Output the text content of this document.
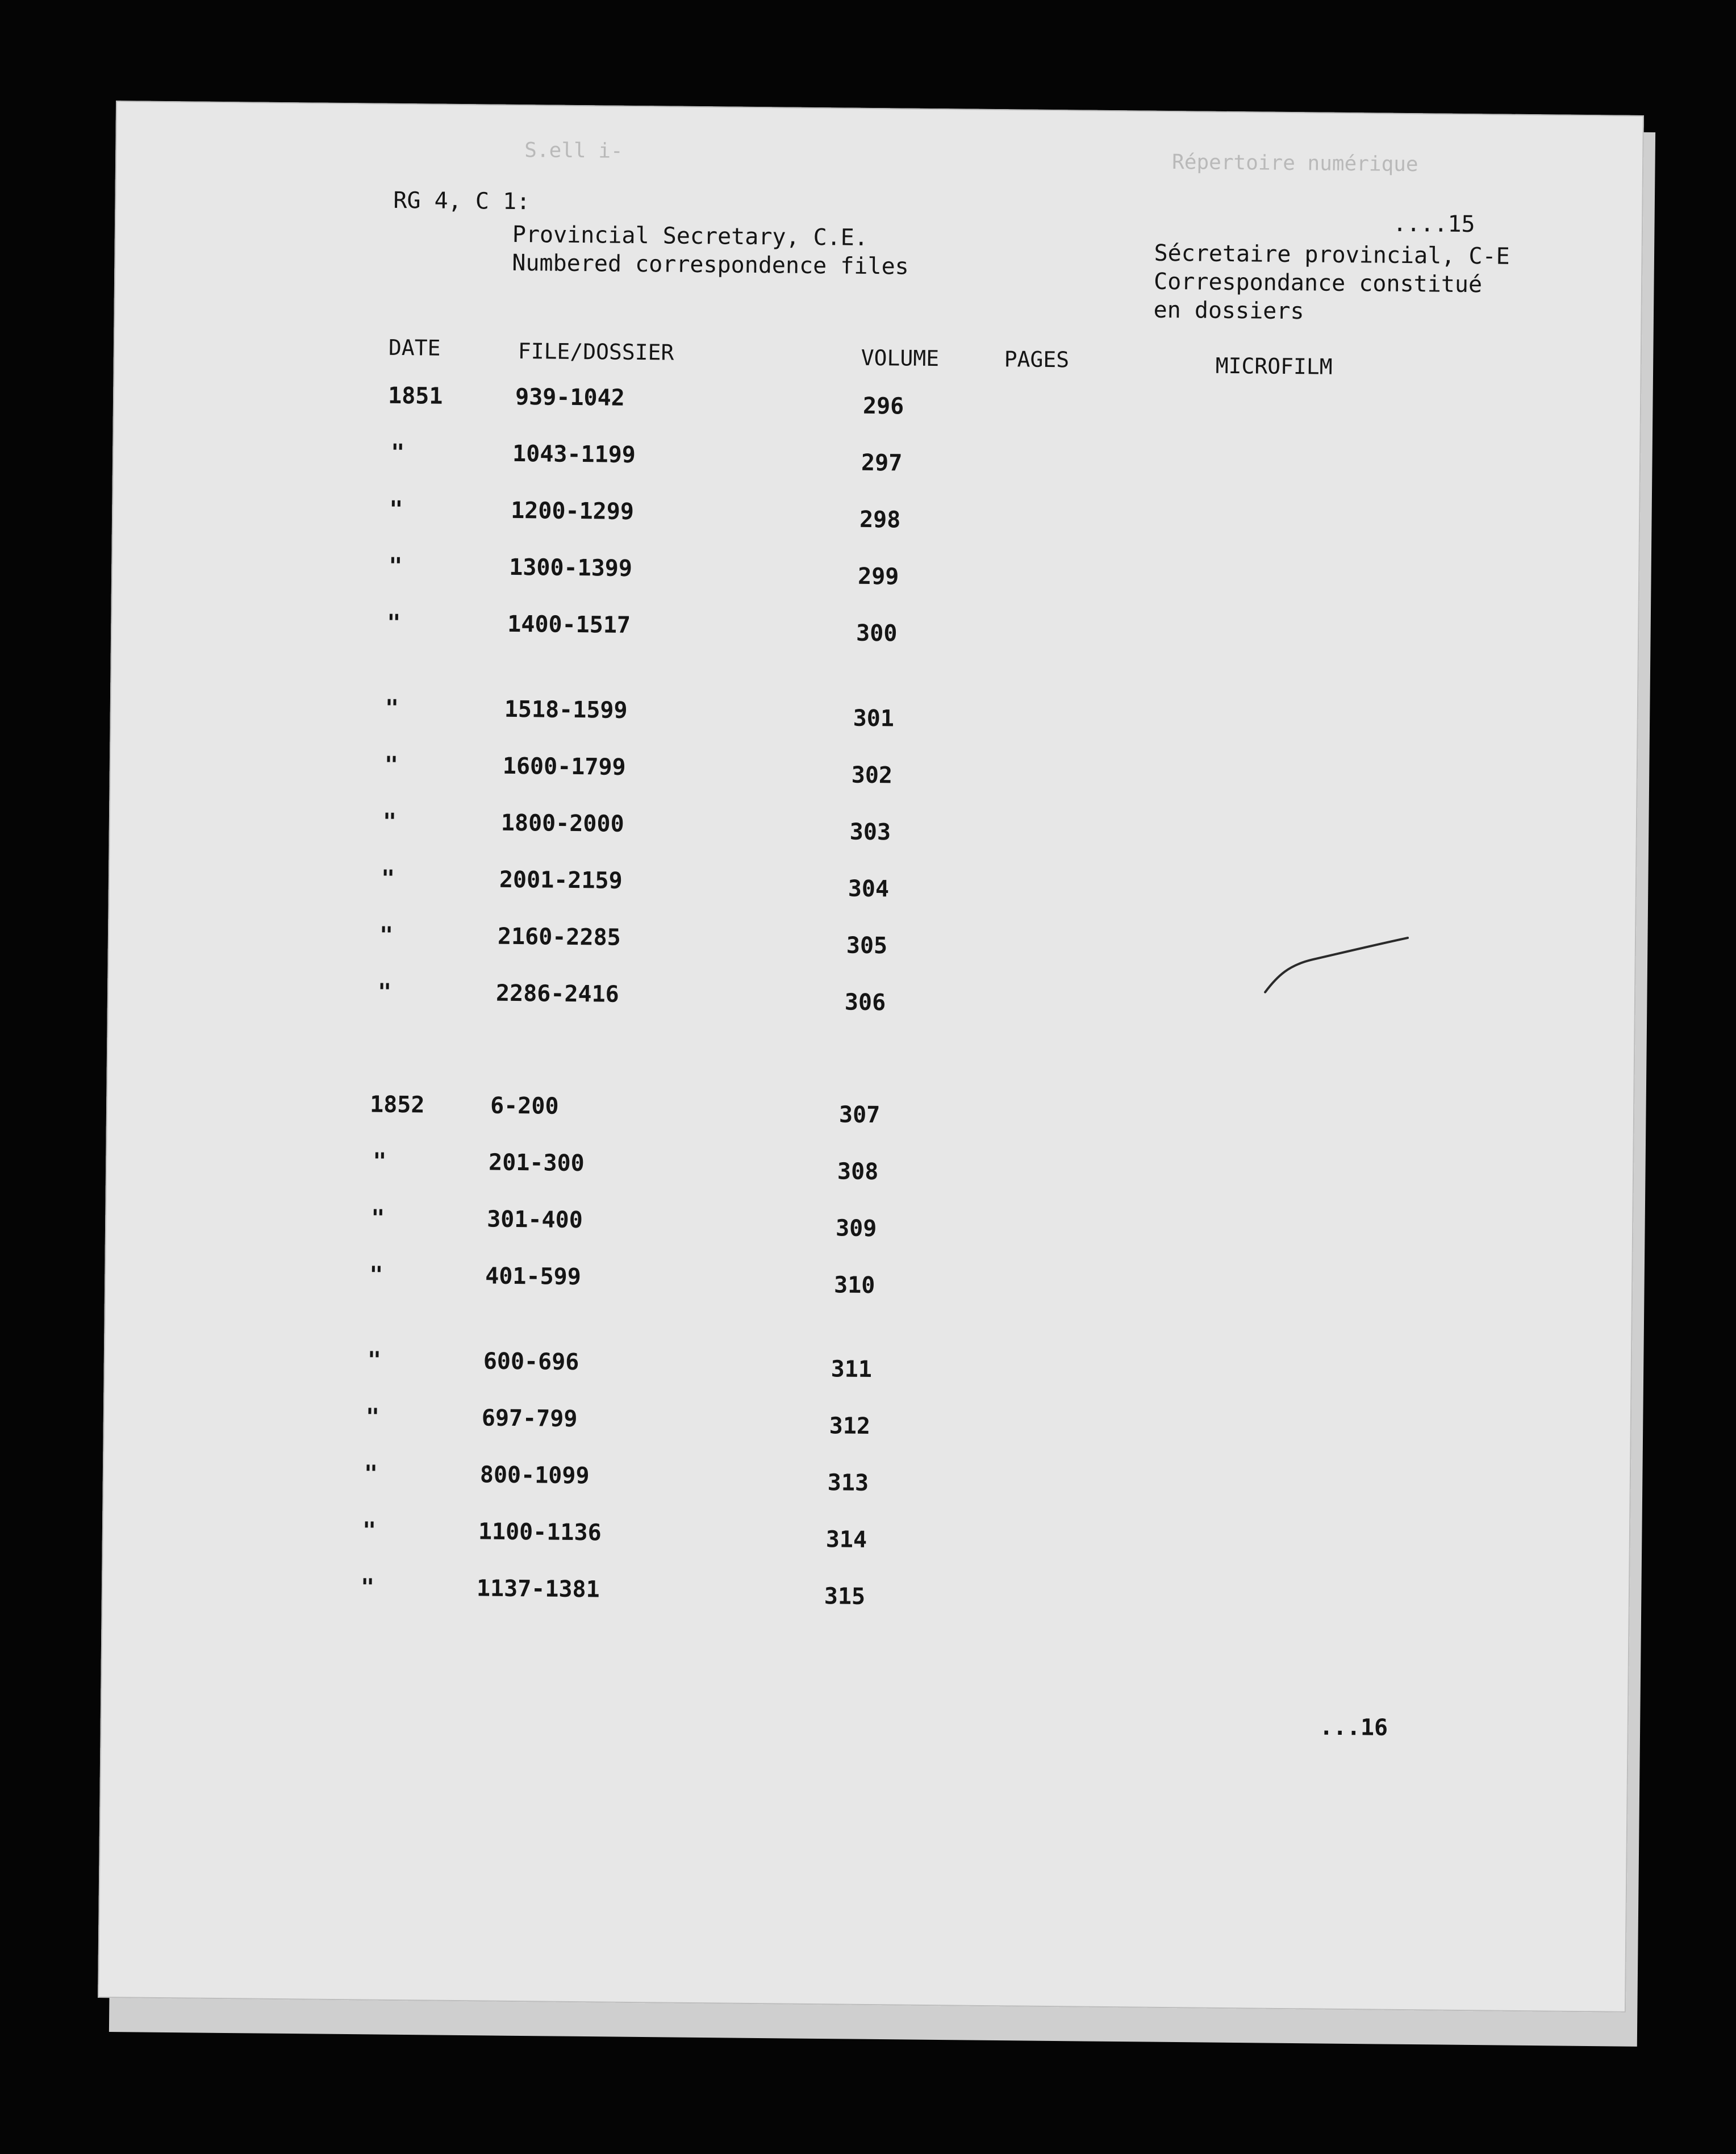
S.ell i-	Répertoire numérique
RG 4, C 1:
Provincial Secretary, C.E.
Numbered correspondence files
....15
Sécretaire provincial, C-E
Correspondance constitué
en dossiers
DATE	FILE/DOSSIER	VOLUME	PAGES	MICROFILM
1851	939-1042	296
"	1043-1199	297
"	1200-1299	298
"	1300-1399	299
"	1400-1517	300
"	1518-1599	301
"	1600-1799	302
"	1800-2000	303
"	2001-2159	304
"	2160-2285	305
"	2286-2416	306
1852	6-200	307
"	201-300	308
"	301-400	309
"	401-599	310
"	600-696	311
"	697-799	312
"	800-1099	313
"	1100-1136	314
"	1137-1381	315
...16
